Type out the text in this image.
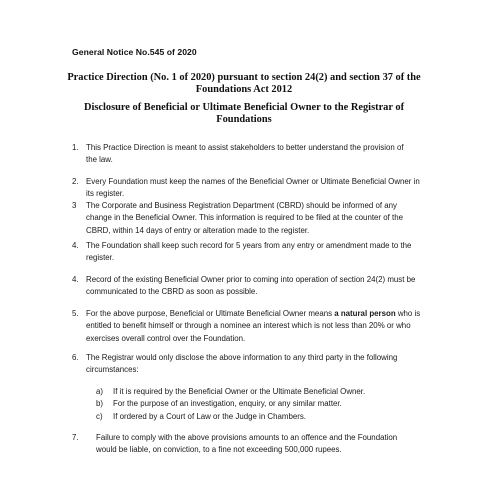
General Notice No.545 of 2020
Practice Direction (No. 1 of 2020) pursuant to section 24(2) and section 37 of the
Foundations Act 2012
Disclosure of Beneficial or Ultimate Beneficial Owner to the Registrar of Foundations
1. This Practice Direction is meant to assist stakeholders to better understand the provision of
the law.
2. Every Foundation must keep the names of the Beneficial Owner or Ultimate Beneficial Owner in
its register.
3	The Corporate and Business Registration Department (CBRD) should be informed of any
change in the Beneficial Owner. This information is required to be filed at the counter of the
CBRD, within 14 days of entry or alteration made to the register.
4. The Foundation shall keep such record for 5 years from any entry or amendment made to the
register.
4. Record of the existing Beneficial Owner prior to coming into operation of section 24(2) must be
communicated to the CBRD as soon as possible.
5. For the above purpose, Beneficial or Ultimate Beneficial Owner means a natural person who is
entitled to benefit himself or through a nominee an interest which is not less than 20% or who
exercises overall control over the Foundation.
6. The Registrar would only disclose the above information to any third party in the following
circumstances:
a)	If it is required by the Beneficial Owner or the Ultimate Beneficial Owner.
b)	For the purpose of an investigation, enquiry, or any similar matter.
c)	If ordered by a Court of Law or the Judge in Chambers.
7.	Failure to comply with the above provisions amounts to an offence and the Foundation
would be liable, on conviction, to a fine not exceeding 500,000 rupees.
